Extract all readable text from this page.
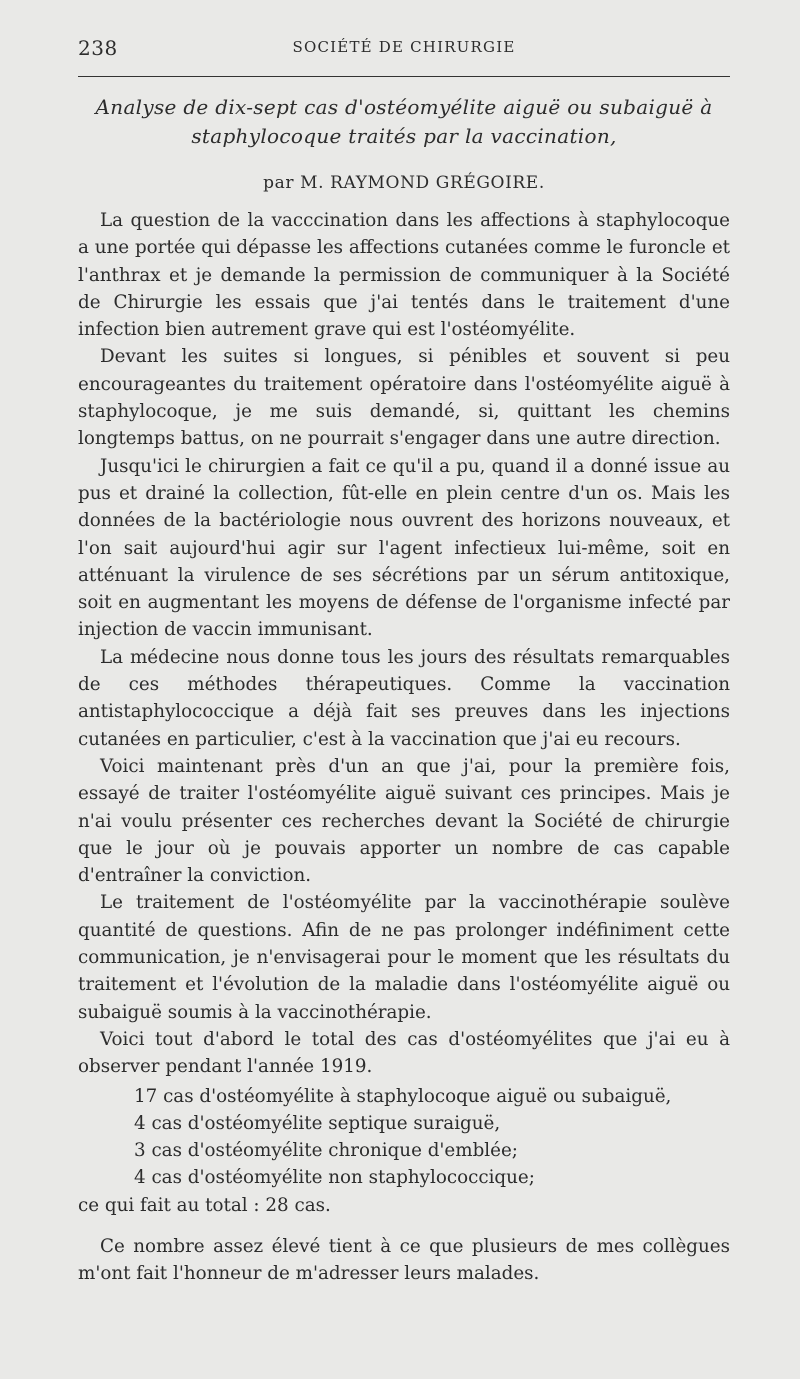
238	SOCIÉTÉ DE CHIRURGIE
Analyse de dix-sept cas d'ostéomyélite aiguë ou subaiguë à staphylocoque traités par la vaccination,
par M. RAYMOND GRÉGOIRE.

La question de la vacccination dans les affections à staphylocoque a une portée qui dépasse les affections cutanées comme le furoncle et l'anthrax et je demande la permission de communiquer à la Société de Chirurgie les essais que j'ai tentés dans le traitement d'une infection bien autrement grave qui est l'ostéomyélite.

Devant les suites si longues, si pénibles et souvent si peu encourageantes du traitement opératoire dans l'ostéomyélite aiguë à staphylocoque, je me suis demandé, si, quittant les chemins longtemps battus, on ne pourrait s'engager dans une autre direction.

Jusqu'ici le chirurgien a fait ce qu'il a pu, quand il a donné issue au pus et drainé la collection, fût-elle en plein centre d'un os. Mais les données de la bactériologie nous ouvrent des horizons nouveaux, et l'on sait aujourd'hui agir sur l'agent infectieux lui-même, soit en atténuant la virulence de ses sécrétions par un sérum antitoxique, soit en augmentant les moyens de défense de l'organisme infecté par injection de vaccin immunisant.

La médecine nous donne tous les jours des résultats remarquables de ces méthodes thérapeutiques. Comme la vaccination antistaphylococcique a déjà fait ses preuves dans les injections cutanées en particulier, c'est à la vaccination que j'ai eu recours.

Voici maintenant près d'un an que j'ai, pour la première fois, essayé de traiter l'ostéomyélite aiguë suivant ces principes. Mais je n'ai voulu présenter ces recherches devant la Société de chirurgie que le jour où je pouvais apporter un nombre de cas capable d'entraîner la conviction.

Le traitement de l'ostéomyélite par la vaccinothérapie soulève quantité de questions. Afin de ne pas prolonger indéfiniment cette communication, je n'envisagerai pour le moment que les résultats du traitement et l'évolution de la maladie dans l'ostéomyélite aiguë ou subaiguë soumis à la vaccinothérapie.

Voici tout d'abord le total des cas d'ostéomyélites que j'ai eu à observer pendant l'année 1919.

17 cas d'ostéomyélite à staphylocoque aiguë ou subaiguë,
4 cas d'ostéomyélite septique suraiguë,
3 cas d'ostéomyélite chronique d'emblée;
4 cas d'ostéomyélite non staphylococcique;

ce qui fait au total : 28 cas.

Ce nombre assez élevé tient à ce que plusieurs de mes collègues m'ont fait l'honneur de m'adresser leurs malades.
